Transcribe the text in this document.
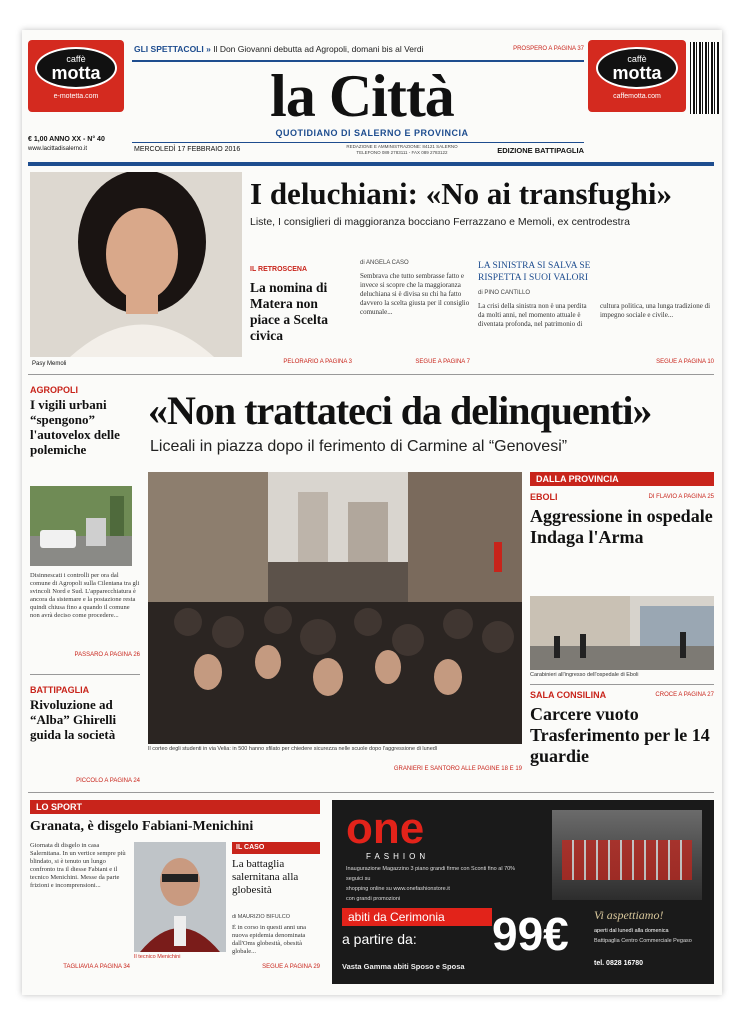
caffè
motta
e-motetta.com
caffè
motta
caffemotta.com
GLI SPETTACOLI » Il Don Giovanni debutta ad Agropoli, domani bis al Verdi	PROSPERO A PAGINA 37
la Città
QUOTIDIANO DI SALERNO E PROVINCIA
€ 1,00 ANNO XX - N° 40
www.lacittadisalerno.it	MERCOLEDÌ 17 FEBBRAIO 2016	REDAZIONE E AMMINISTRAZIONE: 84121 SALERNO
TELEFONO 089 2783111 - FAX 089 2783122	EDIZIONE BATTIPAGLIA
Pasy Memoli
I deluchiani: «No ai transfughi»
Liste, I consiglieri di maggioranza bocciano Ferrazzano e Memoli, ex centrodestra
IL RETROSCENA
La nomina di Matera non piace a Scelta civica
PELORARIO A PAGINA 3
di ANGELA CASO
Sembrava che tutto sembrasse fatto e invece si scopre che la maggioranza deluchiana si è divisa su chi ha fatto davvero la scelta giusta per il consiglio comunale...
SEGUE A PAGINA 7
LA SINISTRA SI SALVA SE RISPETTA I SUOI VALORI
di PINO CANTILLO
La crisi della sinistra non è una perdita da molti anni, nel momento attuale è diventata profonda, nel patrimonio di cultura politica, una lunga tradizione di impegno sociale e civile...
SEGUE A PAGINA 10
AGROPOLI
I vigili urbani “spengono” l'autovelox delle polemiche
Disinnescati i controlli per ora dal comune di Agropoli sulla Cilentana tra gli svincoli Nord e Sud. L'apparecchiatura è ancora da sistemare e la postazione resta quindi chiusa fino a quando il comune non avrà deciso come procedere...
PASSARO A PAGINA 26
BATTIPAGLIA
Rivoluzione ad “Alba” Ghirelli guida la società
PICCOLO A PAGINA 24
«Non trattateci da delinquenti»
Liceali in piazza dopo il ferimento di Carmine al “Genovesi”
Il corteo degli studenti in via Velia: in 500 hanno sfilato per chiedere sicurezza nelle scuole dopo l'aggressione di lunedì
GRANIERI E SANTORO ALLE PAGINE 18 E 19
DALLA PROVINCIA
EBOLI	DI FLAVIO A PAGINA 25
Aggressione in ospedale Indaga l'Arma
Carabinieri all'ingresso dell'ospedale di Eboli
SALA CONSILINA	CROCE A PAGINA 27
Carcere vuoto Trasferimento per le 14 guardie
LO SPORT
Granata, è disgelo Fabiani-Menichini
Giornata di disgelo in casa Salernitana. In un vertice sempre più blindato, si è tenuto un lungo confronto tra il diesse Fabiani e il tecnico Menichini. Messe da parte frizioni e incomprensioni...
Il tecnico Menichini
TAGLIAVIA A PAGINA 34
IL CASO
La battaglia salernitana alla globesità
di MAURIZIO BIFULCO
È in corso in questi anni una nuova epidemia denominata dall'Oms globesità, obesità globale...
SEGUE A PAGINA 29
one
FASHION
Inaugurazione Magazzino 3 piano grandi firme con Sconti fino al 70%
seguici su
shopping online su www.onefashionstore.it
con grandi promozioni
abiti da Cerimonia
a partire da:	99€
Vasta Gamma abiti Sposo e Sposa
Vi aspettiamo!
aperti dal lunedì alla domenica
Battipaglia Centro Commerciale Pegaso
tel. 0828 16780
